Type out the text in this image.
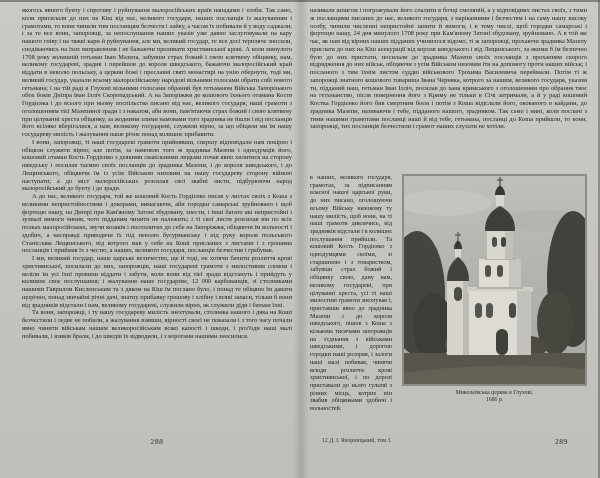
якогось явного бунту і спротиву і руйнування малоросійських країв нападами і злоби. Так само, коли присилали до них на Кіш від нас, великого государя, наших посланців із жалуванням і грамотами, то вони чинили тим посланцям безчестя і лайку, а часом їх побивали й у воду саджали; і за те все вони, запорожці, за непослушання наших указів уже давно заслуговували на кару нашого гніву і на тяжкі кари й руйнування, але ми, великий государ, те все досі терпляче зносили, сподіваючись на їхнє виправлення і не бажаючи проливати християнської крові. А коли минулого 1708 року колишній гетьман Іван Мазепа, забувши страх божий і свою клятвену обіцянку, нам, великому государеві, зрадив і перейшов до короля шведського, бажаючи малоросійський край віддати в неволю польську, а церкви божі і преславні святі монастирі на унію обернути, тоді ми, великий государ, указали всьому малоросійському народові вільними голосами обрати собі нового гетьмана; і на тій раді в Глухові вільними голосами обраний був гетьманом Війська Запорізького обох боків Дніпра Іван Ілліч Скоропадський. А на Запоріжжя до кошового їхнього отамана Костя Гордієнка і до всього при ньому поспільства писано від нас, великого государя, наші грамоти з оголошенням тієї Мазепиної зради і з наказом, аби вони, пам'ятаючи страх божий і свою клятвену при цілуванні хреста обіцянку, за жодними злими намовами того зрадника не йшли і від посланців його всіляко вберігалися, а нам, великому государеві, служили вірно, за що обіцяли ми їм нашу государеву милість і жалування наше річне понад колишнє прибавити.

І вони, запорожці, ті наші государеві грамоти прийнявши, спершу відповідали нам покірно і обіцяли служити вірно; але потім, за намовою того ж зрадника Мазепи і однодумців його, кошовий отаман Кость Гордієнко з деякими свавільними людьми почав явно хилитися на сторону шведську і посилав таємно своїх посланців до зрадника Мазепи, і до короля шведського, і до Лещинського, обіцяючи їм із усім Військом низовим на нашу государеву сторону війною наступати; а до міст малоросійських розсилав свої звабні листи, підбурюючи народ малоросійський до бунту і до зради.

А до нас, великого государя, той же кошовий Кость Гордієнко писав у листах своїх з Коша з великими непристойностями і докорами, вимагаючи, аби городки самарські зруйновано і щоб фортецю нашу, на Дніпрі при Кам'яному Затоні збудовану, знести, і інші багато які непристойні і зухвалі вимоги чинив, чого підданим чинити не належить; і ті свої листи розсилав він по всіх полках малоросійських, звучи козаків і посполитих до себе на Запоріжжя, обіцяючи їм вольності і здобич, а насправді приводячи їх під неволю бусурманську і під руку короля польського Станіслава Лещинського, від котрого мав у себе на Коші присланих з листами і з грошима посланців і приймав їх з честю, а наших, великого государя, посланців безчестив і грабував.

І ми, великий государ, наше царське величество, ще й тоді, не хотячи бачити розлиття крові християнської, посилали до них, запорожців, наші государеві грамоти з милостивим словом і веліли їм усі їхні провини віддати і забути, коли вони від тієї зради відстануть і прийдуть у колишнє своє послушання; і жалування наше государеве, 12 000 карбованців, зі столниками нашими Гаврилом Кисленським та з дяком на Кіш їм послано було, і понад те обіцяно їм давати щорічно, понад звичайні річні дачі, знатну прибавку грошову і хлібну і всякі запаси, тільки б вони від зрадників відстали і нам, великому государеві, служили вірно, як служили діди і батьки їхні.

Та вони, запорожці, і ту нашу государеву милість знехтували, столника нашого і дяка на Коші безчестили і ледве не побили, а жалування взявши, вірності своєї не показали і з того часу почали явно чинити військам нашим великоросійським всякі капості і шкоди, і роз'їзди наші малі побивали, і язиків брали, і до шведів їх відводили, і з ворогами нашими зносилися.

288

називали шпигом і погрожували його спалити в бочці смоляній, а у відповідних листах своїх, з тими ж посланцями писаних до нас, великого государя, з наріканнями і безчестям і на саму нашу високу особу, чинили численні непристойні запити й вимоги, і в тому числі, щоб городки самарські і фортецю нашу, 24 дня минулого 1708 року при Кам'яному Затоні збудовану, зруйновано. А в той же час, як нам від вірних наших підданих учинилося відомо, ті ж запорожці, прохаючи зрадника Мазепу прислати до них на Кіш асекурації від короля шведського і від Лещинського, за якими б їм безпечно було до них пристати, посилали до зрадника Мазепи своїх посланців з проханням скорого відрядження до них військ, обіцяючи з усім Військом низовим іти на допомогу проти наших військ; і посланого з тим їхнім листом суддю військового Трохима Василевича переймали. Потім ті ж запорожці знатного кошового товариша Івана Черняка, котрого за нашим, великого государя, указом ти, підданий наш, гетьман Іван Ілліч, посилав до хана кримського з оголошенням про обрання твоє на гетьманство, після повернення його з Криму не тільки в Січі затримали, а й у раді кошовий Костка Гордієнко його бив смертним боєм і потім з Коша відіслали його, окованого в кайдани, до зрадника Мазепи, називаючи і тебе, підданого нашого, зрадником. Так само і нині, коли послані з тими нашими грамотами посланці наші й від тебе, гетьмана, посланці до Коша прийшли, то вони, запорожці, тих посланців безчестили і грамот наших слухати не хотіли.

в наших, великого государя, грамотах, за підписанням власної нашої царської руки, до них писано, оголошуючи всьому Війську низовому ту нашу милість, щоб вони, на ті наші грамоти дивлячись, від зрадників відстали і в колишнє послушання прийшли. Та кошовий Кость Гордієнко з однодумцями своїми, зі старшиною і з товариством, забувши страх божий і обіцянку свою, дану нам, великому государеві, при цілуванні хреста, усі ті наші милостиві грамоти знехтував і, приставши явно до зрадника Мазепи і до короля шведського, пішов з Коша з кількома тисячами запорожців на з'єднання з військами шведськими, і дорогою городки наші розоряв, і залоги наші малі побивав, чинячи всюди розлиття крові християнської, і по дорозі приставали до нього гультяї з різних місць, котрих він звабив обіцянками здобичі і вольностей.

Миколаївська церква в Глухові.
1686 р.
12 Д. І. Яворницький, том 3	289
